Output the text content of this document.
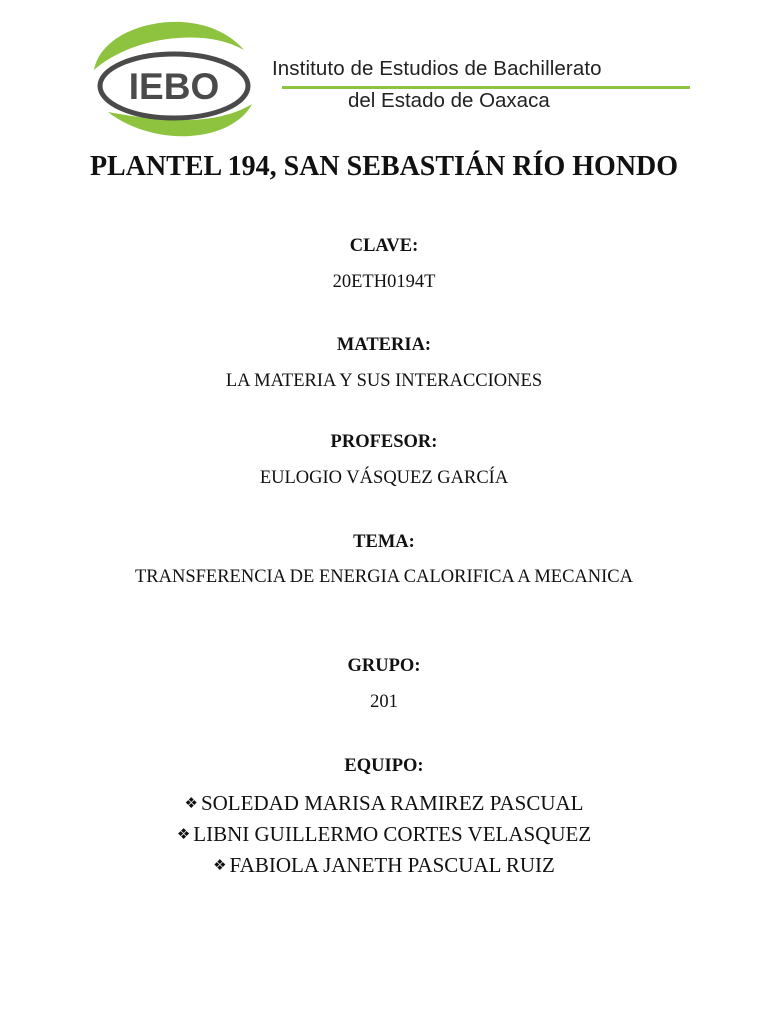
IEBO	Instituto de Estudios de Bachillerato
del Estado de Oaxaca
PLANTEL 194, SAN SEBASTIÁN RÍO HONDO
CLAVE:
20ETH0194T
MATERIA:
LA MATERIA Y SUS INTERACCIONES
PROFESOR:
EULOGIO VÁSQUEZ GARCÍA
TEMA:
TRANSFERENCIA DE ENERGIA CALORIFICA A MECANICA
GRUPO:
201
EQUIPO:
❖ SOLEDAD MARISA RAMIREZ PASCUAL
❖ LIBNI GUILLERMO CORTES VELASQUEZ
❖ FABIOLA JANETH PASCUAL RUIZ
